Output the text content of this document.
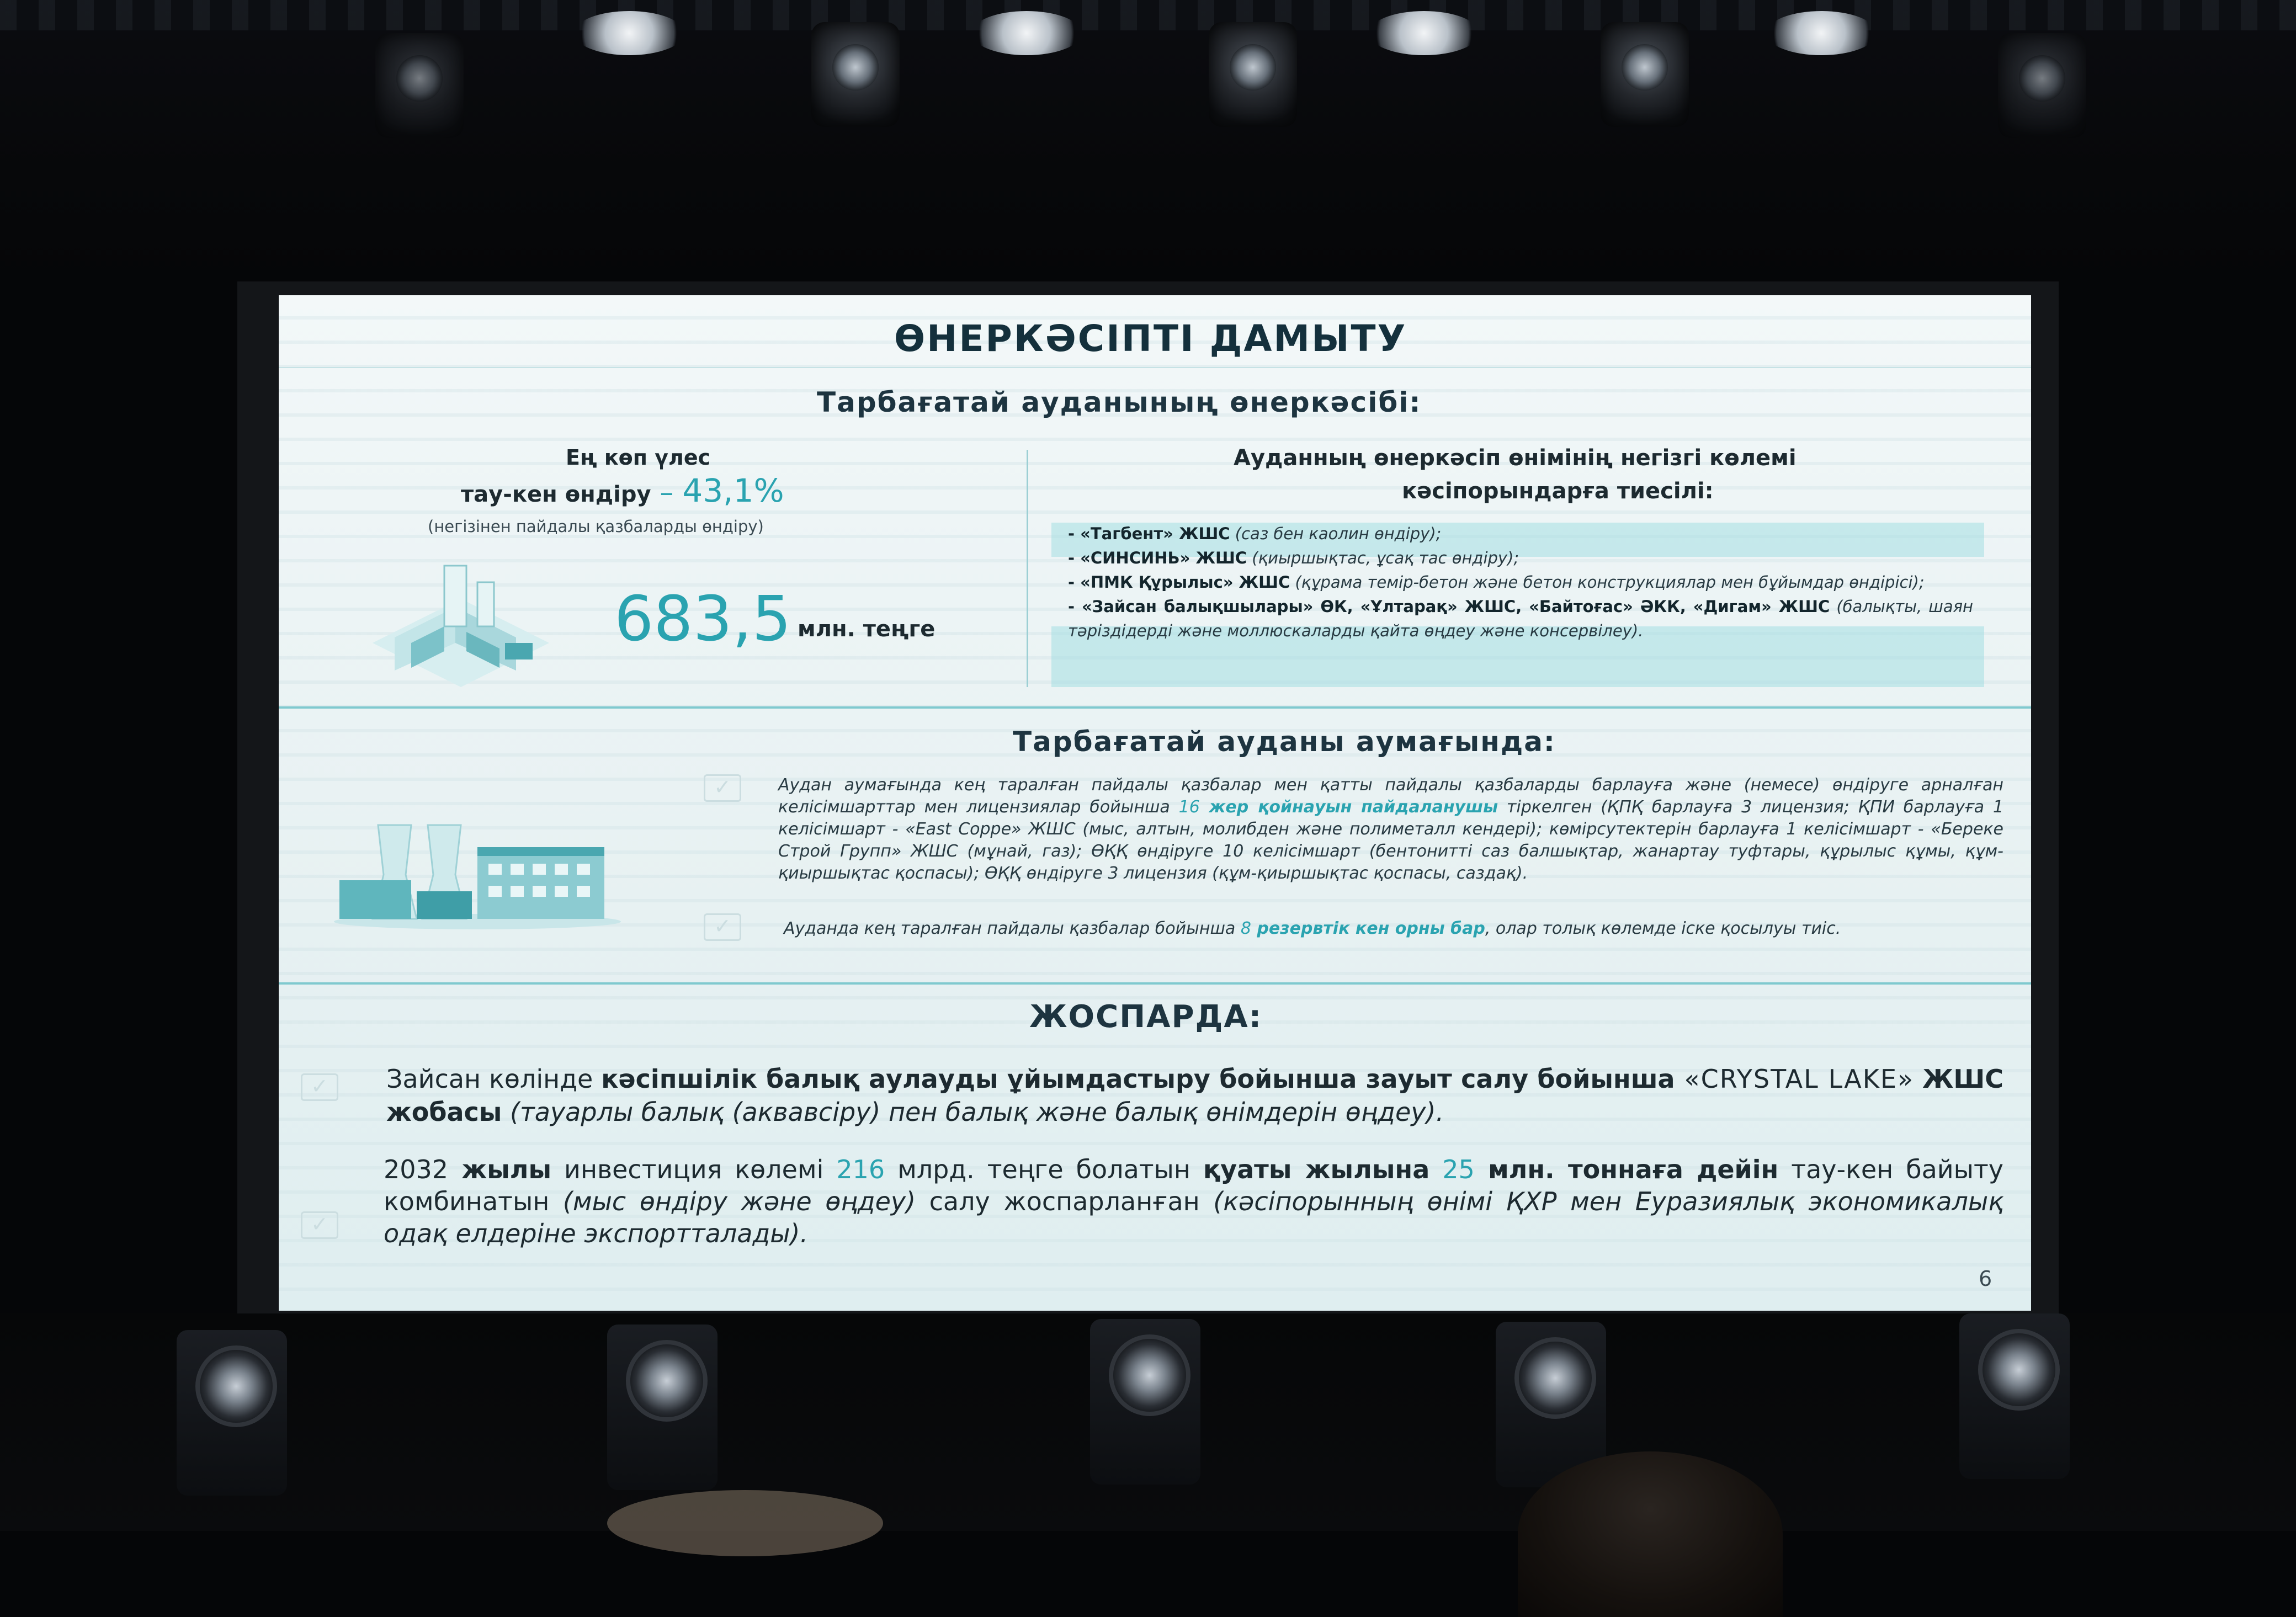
ӨНЕРКӘСІПТІ ДАМЫТУ
Тарбағатай ауданының өнеркәсібі:
Ең көп үлес
тау-кен өндіру – 43,1%
(негізінен пайдалы қазбаларды өндіру)
683,5 млн. теңге
Ауданның өнеркәсіп өнімінің негізгі көлемі
кәсіпорындарға тиесілі:
- «Тагбент» ЖШС (саз бен каолин өндіру);
- «СИНСИНЬ» ЖШС (қиыршықтас, ұсақ тас өндіру);
- «ПМК Құрылыс» ЖШС (құрама темір-бетон және бетон конструкциялар мен бұйымдар өндірісі);
- «Зайсан балықшылары» ӨК, «Ұлтарақ» ЖШС, «Байтоғас» ӘКК, «Дигам» ЖШС (балықты, шаян тәріздідерді және моллюскаларды қайта өңдеу және консервілеу).
Тарбағатай ауданы аумағында:
✓	Аудан аумағында кең таралған пайдалы қазбалар мен қатты пайдалы қазбаларды барлауға және (немесе) өндіруге арналған келісімшарттар мен лицензиялар бойынша 16 жер қойнауын пайдаланушы тіркелген (ҚПҚ барлауға 3 лицензия; ҚПИ барлауға 1 келісімшарт - «East Coppe» ЖШС (мыс, алтын, молибден және полиметалл кендері); көмірсутектерін барлауға 1 келісімшарт - «Береке Строй Групп» ЖШС (мұнай, газ); ӨҚҚ өндіруге 10 келісімшарт (бентонитті саз балшықтар, жанартау туфтары, құрылыс құмы, құм-қиыршықтас қоспасы); ӨҚҚ өндіруге 3 лицензия (құм-қиыршықтас қоспасы, саздақ).
✓	Ауданда кең таралған пайдалы қазбалар бойынша 8 резервтік кен орны бар, олар толық көлемде іске қосылуы тиіс.
ЖОСПАРДА:
✓	Зайсан көлінде кәсіпшілік балық аулауды ұйымдастыру бойынша зауыт салу бойынша «CRYSTAL LAKE» ЖШС жобасы (тауарлы балық (аквавсіру) пен балық және балық өнімдерін өңдеу).
✓
2032 жылы инвестиция көлемі 216 млрд. теңге болатын қуаты жылына 25 млн. тоннаға дейін тау-кен байыту комбинатын (мыс өндіру және өңдеу) салу жоспарланған (кәсіпорынның өнімі ҚХР мен Еуразиялық экономикалық одақ елдеріне экспортталады).
6
